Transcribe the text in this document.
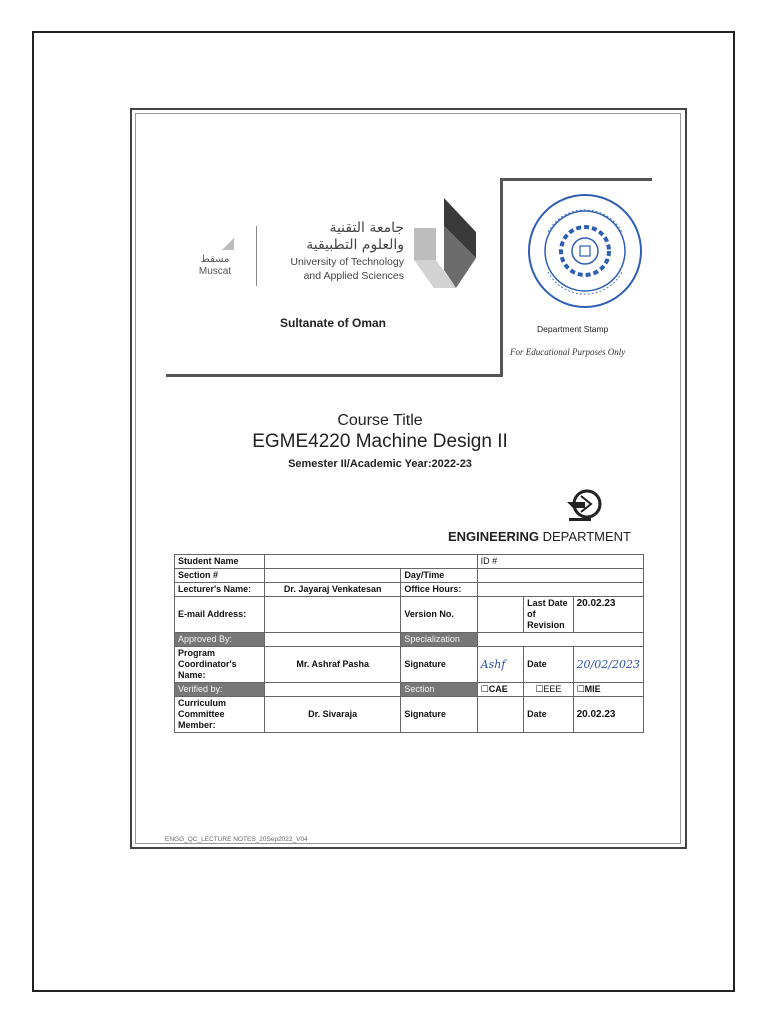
مسقط
Muscat
جامعة التقنية
والعلوم التطبيقية
University of Technology
and Applied Sciences
Sultanate of Oman	Department Stamp
For Educational Purposes Only
Course Title
EGME4220 Machine Design II
Semester II/Academic Year:2022-23
ENGINEERING DEPARTMENT
Student Name			ID #		
Section #		Day/Time			
Lecturer's Name:	Dr. Jayaraj Venkatesan	Office Hours:			
E-mail Address:		Version No.		Last Date of Revision	20.02.23
Approved By:		Specialization			
Program Coordinator's Name:	Mr. Ashraf Pasha	Signature	Ashf	Date	20/02/2023
Verified by:		Section	☐CAE	☐EEE	☐MIE
Curriculum Committee Member:	Dr. Sivaraja	Signature		Date	20.02.23
ENGG_QC_LECTURE NOTES_20Sep2022_V04
